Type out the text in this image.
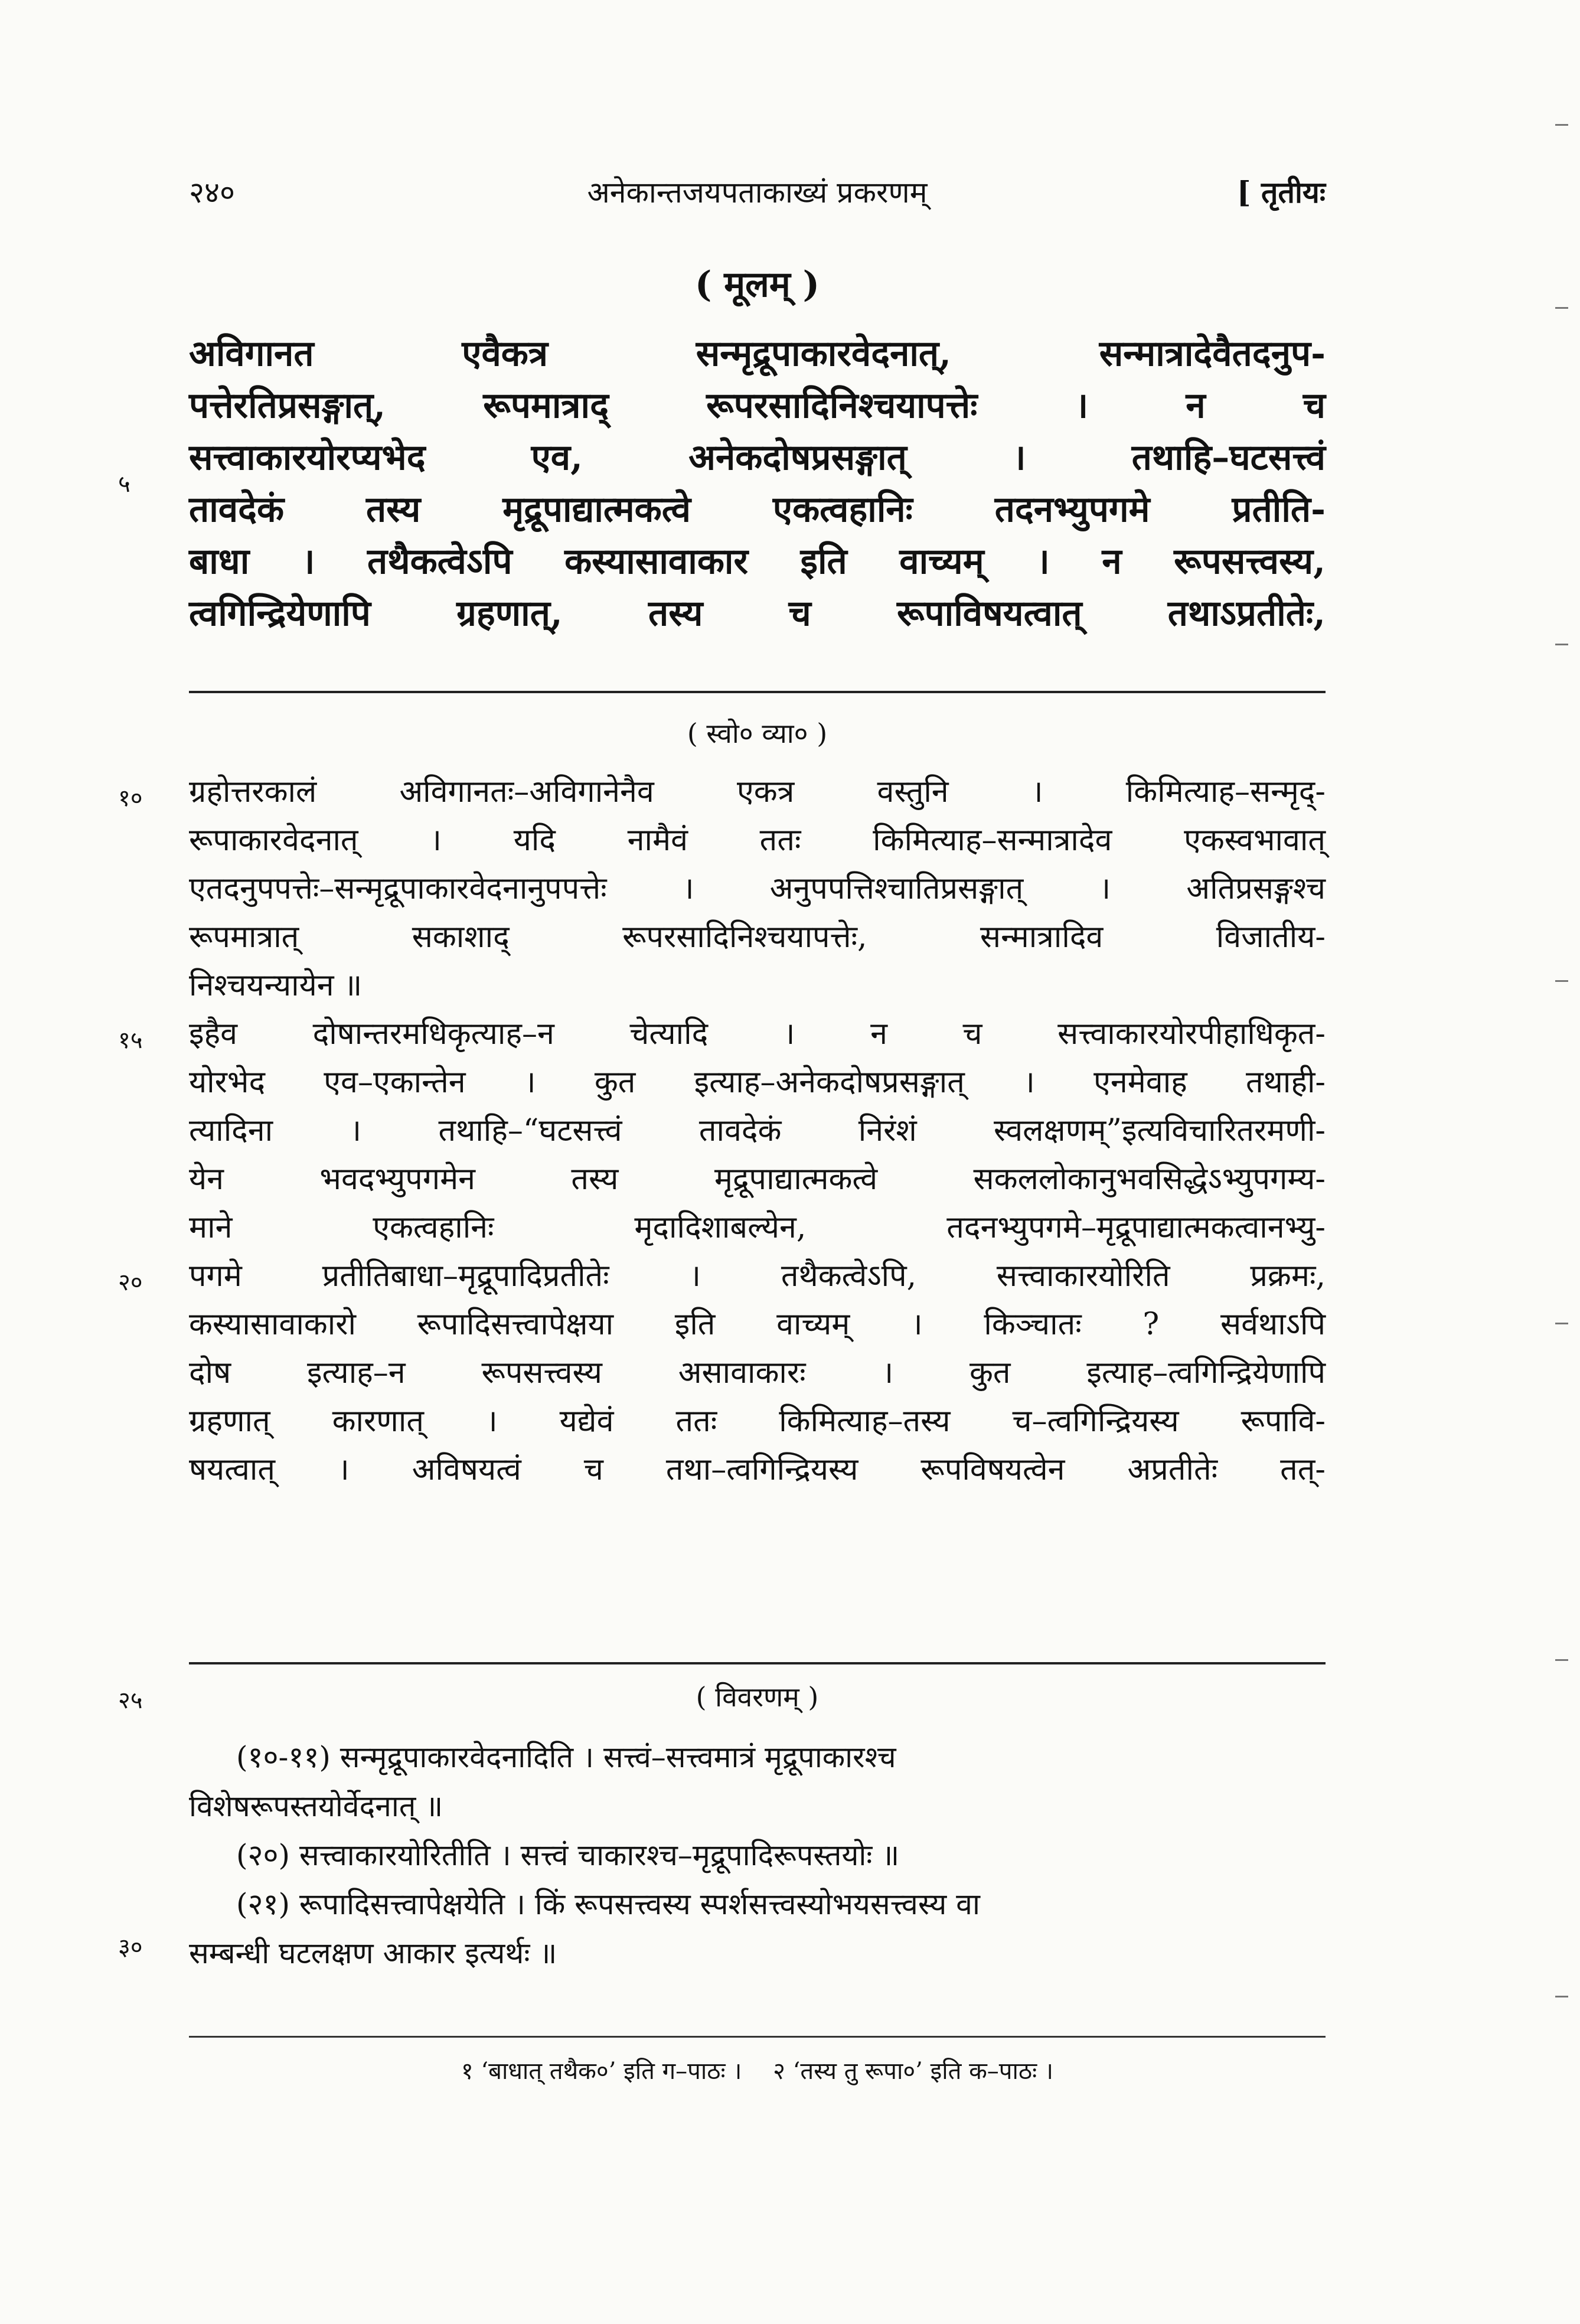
२४०	अनेकान्तजयपताकाख्यं प्रकरणम्	[ तृतीयः
( मूलम् )
अविगानत एवैकत्र सन्मृद्रूपाकारवेदनात्, सन्मात्रादेवैतदनुप-
पत्तेरतिप्रसङ्गात्, रूपमात्राद् रूपरसादिनिश्चयापत्तेः । न च
सत्त्वाकारयोरप्यभेद एव, अनेकदोषप्रसङ्गात् । तथाहि–घटसत्त्वं
तावदेकं तस्य मृद्रूपाद्यात्मकत्वे एकत्वहानिः तदनभ्युपगमे प्रतीति-
बाधा । तथैकत्वेऽपि कस्यासावाकार इति वाच्यम् । न रूपसत्त्वस्य,
त्वगिन्द्रियेणापि ग्रहणात्, तस्य च रूपाविषयत्वात् तथाऽप्रतीतेः,
५
( स्वो० व्या० )
ग्रहोत्तरकालं अविगानतः–अविगानेनैव एकत्र वस्तुनि । किमित्याह–सन्मृद्-
रूपाकारवेदनात् । यदि नामैवं ततः किमित्याह–सन्मात्रादेव एकस्वभावात्
एतदनुपपत्तेः–सन्मृद्रूपाकारवेदनानुपपत्तेः । अनुपपत्तिश्चातिप्रसङ्गात् । अतिप्रसङ्गश्च
रूपमात्रात् सकाशाद् रूपरसादिनिश्चयापत्तेः, सन्मात्रादिव विजातीय-
निश्चयन्यायेन ॥
इहैव दोषान्तरमधिकृत्याह–न चेत्यादि । न च सत्त्वाकारयोरपीहाधिकृत-
योरभेद एव–एकान्तेन । कुत इत्याह–अनेकदोषप्रसङ्गात् । एनमेवाह तथाही-
त्यादिना । तथाहि–“घटसत्त्वं तावदेकं निरंशं स्वलक्षणम्”इत्यविचारितरमणी-
येन भवदभ्युपगमेन तस्य मृद्रूपाद्यात्मकत्वे सकललोकानुभवसिद्धेऽभ्युपगम्य-
माने एकत्वहानिः मृदादिशाबल्येन, तदनभ्युपगमे–मृद्रूपाद्यात्मकत्वानभ्यु-
पगमे प्रतीतिबाधा–मृद्रूपादिप्रतीतेः । तथैकत्वेऽपि, सत्त्वाकारयोरिति प्रक्रमः,
कस्यासावाकारो रूपादिसत्त्वापेक्षया इति वाच्यम् । किञ्चातः ? सर्वथाऽपि
दोष इत्याह–न रूपसत्त्वस्य असावाकारः । कुत इत्याह–त्वगिन्द्रियेणापि
ग्रहणात् कारणात् । यद्येवं ततः किमित्याह–तस्य च–त्वगिन्द्रियस्य रूपावि-
षयत्वात् । अविषयत्वं च तथा–त्वगिन्द्रियस्य रूपविषयत्वेन अप्रतीतेः तत्-
१०
१५
२०
२५	( विवरणम् )
(१०-११) सन्मृद्रूपाकारवेदनादिति । सत्त्वं–सत्त्वमात्रं मृद्रूपाकारश्च
विशेषरूपस्तयोर्वेदनात् ॥
(२०) सत्त्वाकारयोरितीति । सत्त्वं चाकारश्च–मृद्रूपादिरूपस्तयोः ॥
(२१) रूपादिसत्त्वापेक्षयेति । किं रूपसत्त्वस्य स्पर्शसत्त्वस्योभयसत्त्वस्य वा
सम्बन्धी घटलक्षण आकार इत्यर्थः ॥
३०
१ ‘बाधात् तथैक०’ इति ग–पाठः । २ ‘तस्य तु रूपा०’ इति क–पाठः ।
